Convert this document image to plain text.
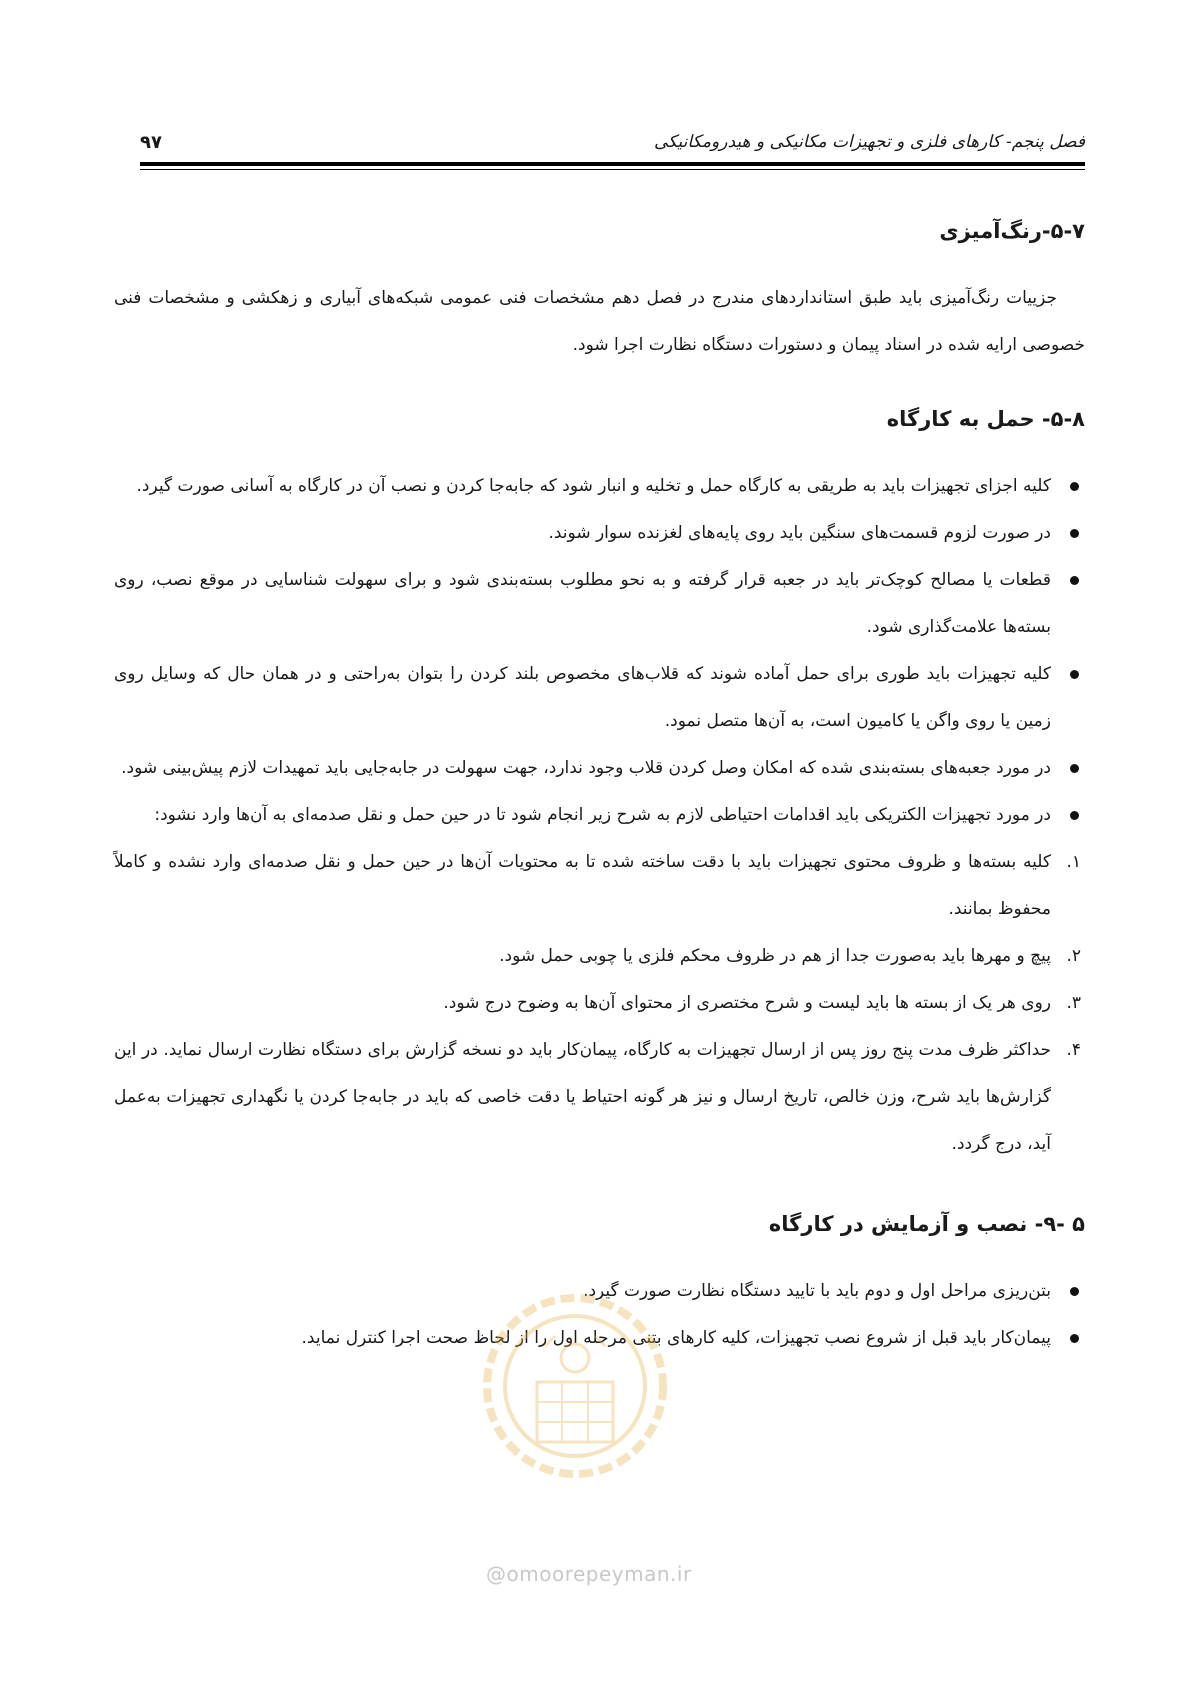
فصل پنجم- کارهای فلزی و تجهیزات مکانیکی و هیدرومکانیکی
۹۷
۵-۷-رنگ‌آمیزی

جزییات رنگ‌آمیزی باید طبق استانداردهای مندرج در فصل دهم مشخصات فنی عمومی شبکه‌های آبیاری و زهکشی و مشخصات فنی خصوصی ارایه شده در اسناد پیمان و دستورات دستگاه نظارت اجرا شود.

۵-۸- حمل به کارگاه
کلیه اجزای تجهیزات باید به طریقی به کارگاه حمل و تخلیه و انبار شود که جابه‌جا کردن و نصب آن در کارگاه به آسانی صورت گیرد.
در صورت لزوم قسمت‌های سنگین باید روی پایه‌های لغزنده سوار شوند.
قطعات یا مصالح کوچک‌تر باید در جعبه قرار گرفته و به نحو مطلوب بسته‌بندی شود و برای سهولت شناسایی در موقع نصب، روی بسته‌ها علامت‌گذاری شود.
کلیه تجهیزات باید طوری برای حمل آماده شوند که قلاب‌های مخصوص بلند کردن را بتوان به‌راحتی و در همان حال که وسایل روی زمین یا روی واگن یا کامیون است، به آن‌ها متصل نمود.
در مورد جعبه‌های بسته‌بندی شده که امکان وصل کردن قلاب وجود ندارد، جهت سهولت در جابه‌جایی باید تمهیدات لازم پیش‌بینی شود.
در مورد تجهیزات الکتریکی باید اقدامات احتیاطی لازم به شرح زیر انجام شود تا در حین حمل و نقل صدمه‌ای به آن‌ها وارد نشود:
۱.
کلیه بسته‌ها و ظروف محتوی تجهیزات باید با دقت ساخته شده تا به محتویات آن‌ها در حین حمل و نقل صدمه‌ای وارد نشده و کاملاً محفوظ بمانند.
۲.
پیچ و مهرها باید به‌صورت جدا از هم در ظروف محکم فلزی یا چوبی حمل شود.
۳.
روی هر یک از بسته ها باید لیست و شرح مختصری از محتوای آن‌ها به وضوح درج شود.
۴.
حداکثر ظرف مدت پنج روز پس از ارسال تجهیزات به کارگاه، پیمان‌کار باید دو نسخه گزارش برای دستگاه نظارت ارسال نماید. در این گزارش‌ها باید شرح، وزن خالص، تاریخ ارسال و نیز هر گونه احتیاط یا دقت خاصی که باید در جابه‌جا کردن یا نگهداری تجهیزات به‌عمل آید، درج گردد.
۵ -۹- نصب و آزمایش در کارگاه
بتن‌ریزی مراحل اول و دوم باید با تایید دستگاه نظارت صورت گیرد.
پیمان‌کار باید قبل از شروع نصب تجهیزات، کلیه کارهای بتنی مرحله اول را از لحاظ صحت اجرا کنترل نماید.
@omoorepeyman.ir
